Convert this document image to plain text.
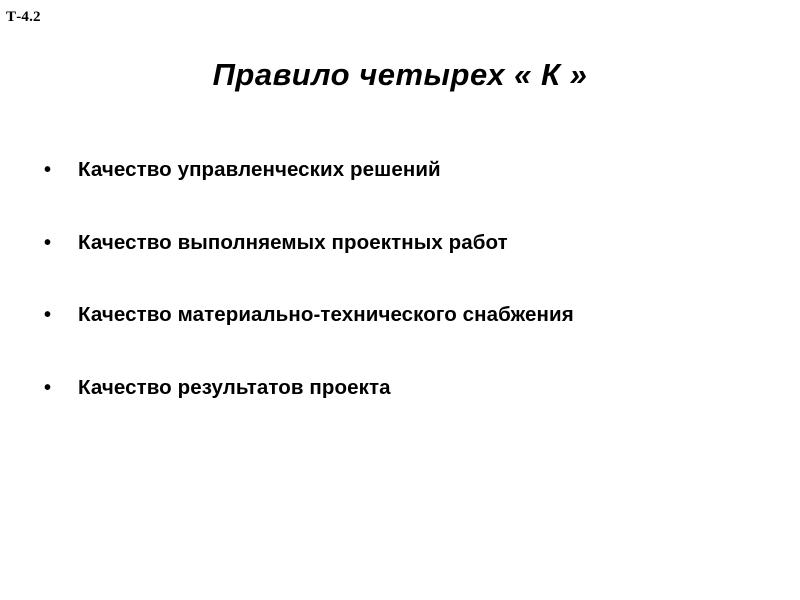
Т-4.2
Правило четырех « К »
•	Качество управленческих решений
•	Качество выполняемых проектных работ
•	Качество материально-технического снабжения
•	Качество результатов проекта
